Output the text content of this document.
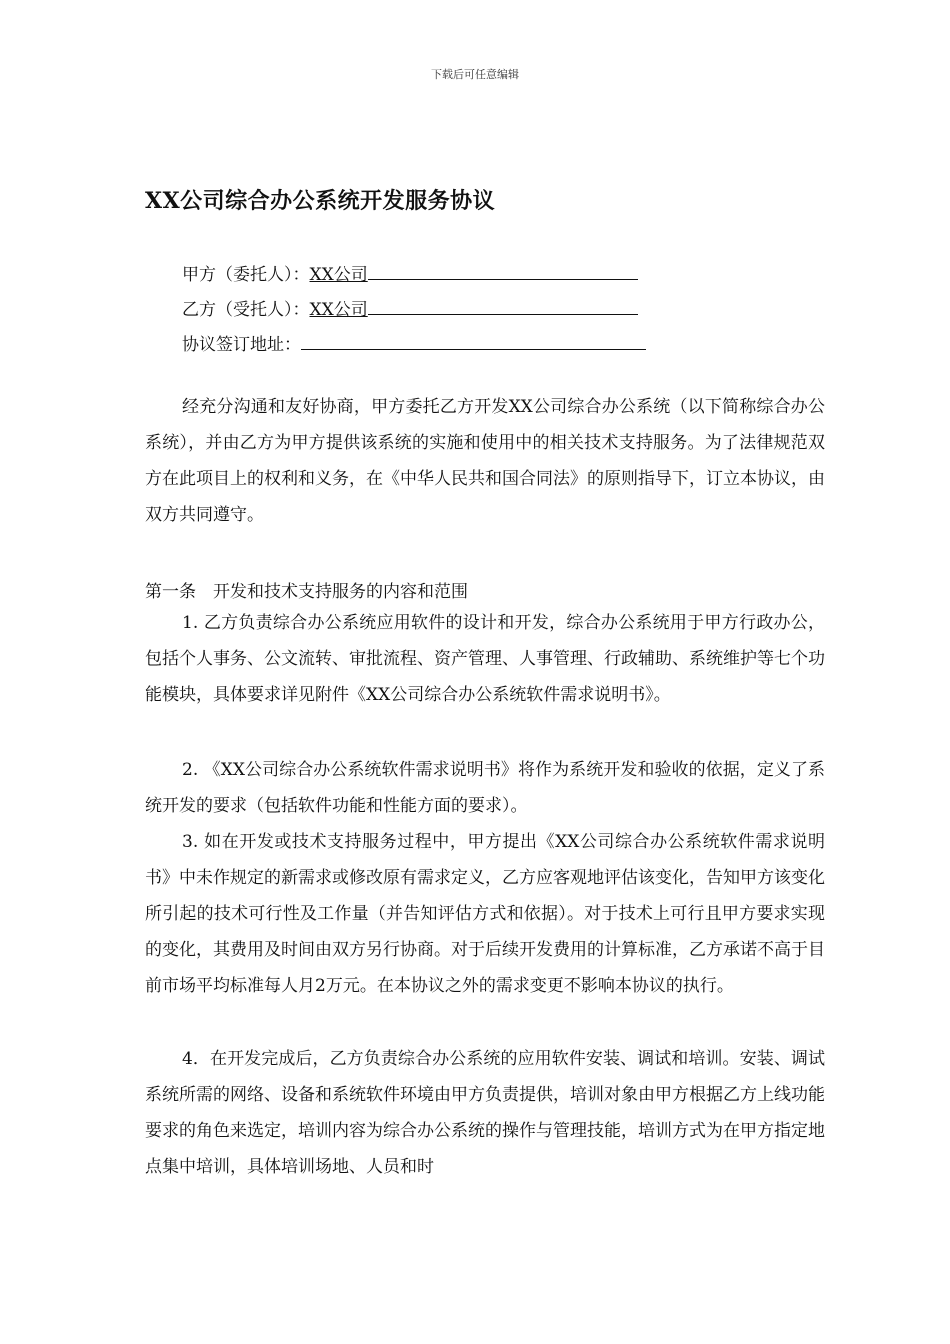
下载后可任意编辑
XX公司综合办公系统开发服务协议
甲方（委托人）：XX公司
乙方（受托人）：XX公司
协议签订地址：
经充分沟通和友好协商，甲方委托乙方开发XX公司综合办公系统（以下简称综合办公系统），并由乙方为甲方提供该系统的实施和使用中的相关技术支持服务。为了法律规范双方在此项目上的权利和义务，在《中华人民共和国合同法》的原则指导下，订立本协议，由双方共同遵守。
第一条　开发和技术支持服务的内容和范围
1. 乙方负责综合办公系统应用软件的设计和开发，综合办公系统用于甲方行政办公，包括个人事务、公文流转、审批流程、资产管理、人事管理、行政辅助、系统维护等七个功能模块，具体要求详见附件《XX公司综合办公系统软件需求说明书》。
2. 《XX公司综合办公系统软件需求说明书》将作为系统开发和验收的依据，定义了系统开发的要求（包括软件功能和性能方面的要求）。
3. 如在开发或技术支持服务过程中，甲方提出《XX公司综合办公系统软件需求说明书》中未作规定的新需求或修改原有需求定义，乙方应客观地评估该变化，告知甲方该变化所引起的技术可行性及工作量（并告知评估方式和依据）。对于技术上可行且甲方要求实现的变化，其费用及时间由双方另行协商。对于后续开发费用的计算标准，乙方承诺不高于目前市场平均标准每人月2万元。在本协议之外的需求变更不影响本协议的执行。
4．在开发完成后，乙方负责综合办公系统的应用软件安装、调试和培训。安装、调试系统所需的网络、设备和系统软件环境由甲方负责提供，培训对象由甲方根据乙方上线功能要求的角色来选定，培训内容为综合办公系统的操作与管理技能，培训方式为在甲方指定地点集中培训，具体培训场地、人员和时
